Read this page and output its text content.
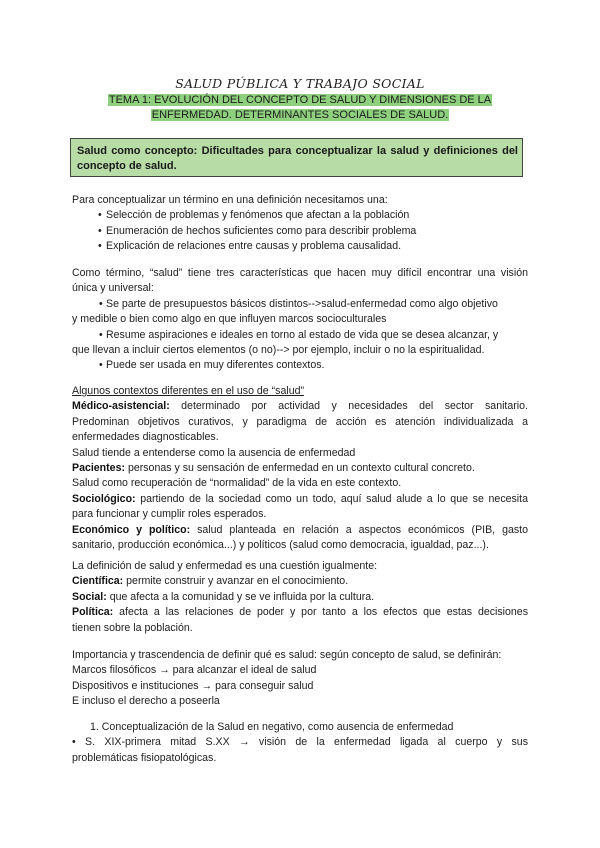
SALUD PÚBLICA Y TRABAJO SOCIAL
TEMA 1: EVOLUCIÓN DEL CONCEPTO DE SALUD Y DIMENSIONES DE LA
ENFERMEDAD. DETERMINANTES SOCIALES DE SALUD.
Salud como concepto: Dificultades para conceptualizar la salud y definiciones del
concepto de salud.

Para conceptualizar un término en una definición necesitamos una:

• Selección de problemas y fenómenos que afectan a la población

• Enumeración de hechos suficientes como para describir problema

• Explicación de relaciones entre causas y problema causalidad.

Como término, “salud” tiene tres características que hacen muy difícil encontrar una visión

única y universal:

• Se parte de presupuestos básicos distintos-->salud-enfermedad como algo objetivo

y medible o bien como algo en que influyen marcos socioculturales

• Resume aspiraciones e ideales en torno al estado de vida que se desea alcanzar, y

que llevan a incluir ciertos elementos (o no)--> por ejemplo, incluir o no la espiritualidad.

• Puede ser usada en muy diferentes contextos.

Algunos contextos diferentes en el uso de “salud”

Médico-asistencial: determinado por actividad y necesidades del sector sanitario.

Predominan objetivos curativos, y paradigma de acción es atención individualizada a

enfermedades diagnosticables.

Salud tiende a entenderse como la ausencia de enfermedad

Pacientes: personas y su sensación de enfermedad en un contexto cultural concreto.

Salud como recuperación de “normalidad” de la vida en este contexto.

Sociológico: partiendo de la sociedad como un todo, aquí salud alude a lo que se necesita

para funcionar y cumplir roles esperados.

Económico y político: salud planteada en relación a aspectos económicos (PIB, gasto

sanitario, producción económica...) y políticos (salud como democracia, igualdad, paz...).

La definición de salud y enfermedad es una cuestión igualmente:

Científica: permite construir y avanzar en el conocimiento.

Social: que afecta a la comunidad y se ve influida por la cultura.

Política: afecta a las relaciones de poder y por tanto a los efectos que estas decisiones

tienen sobre la población.

Importancia y trascendencia de definir qué es salud: según concepto de salud, se definirán:

Marcos filosóficos → para alcanzar el ideal de salud

Dispositivos e instituciones → para conseguir salud

E incluso el derecho a poseerla

1. Conceptualización de la Salud en negativo, como ausencia de enfermedad

• S. XIX-primera mitad S.XX → visión de la enfermedad ligada al cuerpo y sus

problemáticas fisiopatológicas.
